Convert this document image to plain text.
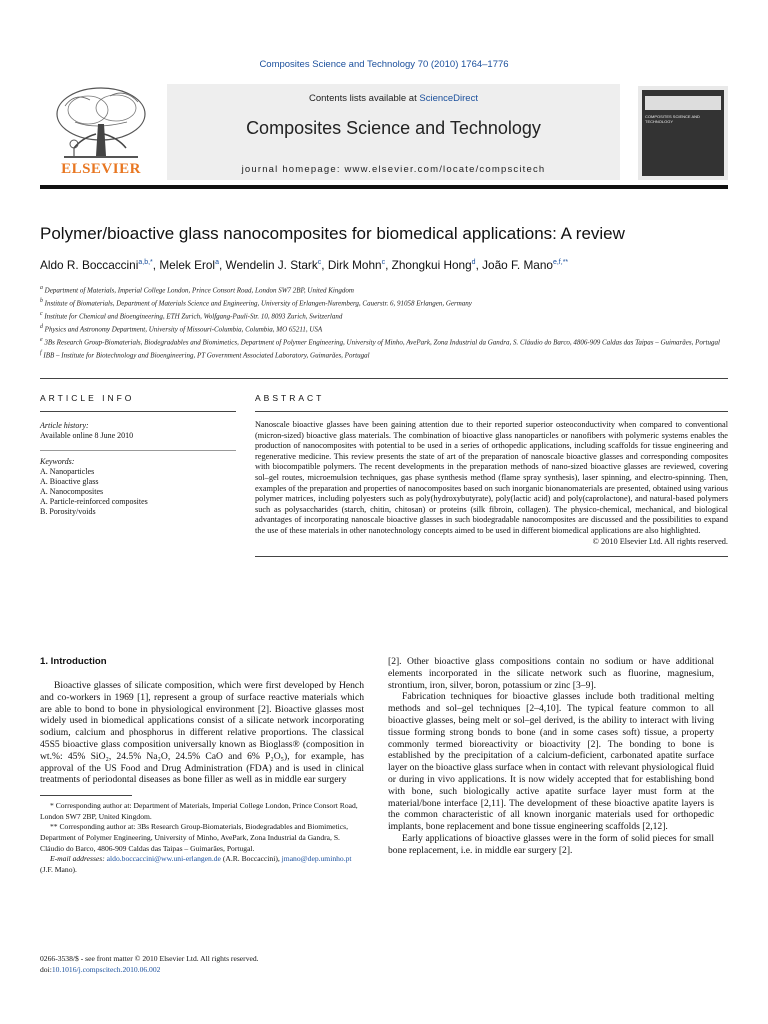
Composites Science and Technology 70 (2010) 1764–1776
ELSEVIER
Contents lists available at ScienceDirect
Composites Science and Technology
journal homepage: www.elsevier.com/locate/compscitech
COMPOSITES SCIENCE AND TECHNOLOGY
Polymer/bioactive glass nanocomposites for biomedical applications: A review
Aldo R. Boccaccini$^{a,b,*}$, Melek Erol$^a$, Wendelin J. Stark$^c$, Dirk Mohn$^c$, Zhongkui Hong$^d$, João F. Mano$^{e,f,**}$
$^a$ Department of Materials, Imperial College London, Prince Consort Road, London SW7 2BP, United Kingdom
$^b$ Institute of Biomaterials, Department of Materials Science and Engineering, University of Erlangen-Nuremberg, Cauerstr. 6, 91058 Erlangen, Germany
$^c$ Institute for Chemical and Bioengineering, ETH Zurich, Wolfgang-Pauli-Str. 10, 8093 Zurich, Switzerland
$^d$ Physics and Astronomy Department, University of Missouri-Columbia, Columbia, MO 65211, USA
$^e$ 3Bs Research Group-Biomaterials, Biodegradables and Biomimetics, Department of Polymer Engineering, University of Minho, AvePark, Zona Industrial da Gandra, S. Cláudio do Barco, 4806-909 Caldas das Taipas – Guimarães, Portugal
$^f$ IBB – Institute for Biotechnology and Bioengineering, PT Government Associated Laboratory, Guimarães, Portugal
ARTICLE INFO
Article history:
Available online 8 June 2010
Keywords:
A. Nanoparticles
A. Bioactive glass
A. Nanocomposites
A. Particle-reinforced composites
B. Porosity/voids
ABSTRACT
Nanoscale bioactive glasses have been gaining attention due to their reported superior osteoconductivity when compared to conventional (micron-sized) bioactive glass materials. The combination of bioactive glass nanoparticles or nanofibers with polymeric systems enables the production of nanocomposites with potential to be used in a series of orthopedic applications, including scaffolds for tissue engineering and regenerative medicine. This review presents the state of art of the preparation of nanoscale bioactive glasses and corresponding composites with biocompatible polymers. The recent developments in the preparation methods of nano-sized bioactive glasses are reviewed, covering sol–gel routes, microemulsion techniques, gas phase synthesis method (flame spray synthesis), laser spinning, and electro-spinning. Then, examples of the preparation and properties of nanocomposites based on such inorganic bionanomaterials are presented, obtained using various polymer matrices, including polyesters such as poly(hydroxybutyrate), poly(lactic acid) and poly(caprolactone), and natural-based polymers such as polysaccharides (starch, chitin, chitosan) or proteins (silk fibroin, collagen). The physico-chemical, mechanical, and biological advantages of incorporating nanoscale bioactive glasses in such biodegradable nanocomposites are discussed and the possibilities to expand the use of these materials in other nanotechnology concepts aimed to be used in different biomedical applications are also highlighted.
© 2010 Elsevier Ltd. All rights reserved.
1. Introduction

Bioactive glasses of silicate composition, which were first developed by Hench and co-workers in 1969 [1], represent a group of surface reactive materials which are able to bond to bone in physiological environment [2]. Bioactive glasses most widely used in biomedical applications consist of a silicate network incorporating sodium, calcium and phosphorus in different relative proportions. The classical 45S5 bioactive glass composition universally known as Bioglass® (composition in wt.%: 45% SiO₂, 24.5% Na₂O, 24.5% CaO and 6% P₂O₅), for example, has approval of the US Food and Drug Administration (FDA) and is used in clinical treatments of periodontal diseases as bone filler as well as in middle ear surgery

* Corresponding author at: Department of Materials, Imperial College London, Prince Consort Road, London SW7 2BP, United Kingdom.
** Corresponding author at: 3Bs Research Group-Biomaterials, Biodegradables and Biomimetics, Department of Polymer Engineering, University of Minho, AvePark, Zona Industrial da Gandra, S. Cláudio do Barco, 4806-909 Caldas das Taipas – Guimarães, Portugal.
E-mail addresses: aldo.boccaccini@ww.uni-erlangen.de (A.R. Boccaccini), jmano@dep.uminho.pt (J.F. Mano).

[2]. Other bioactive glass compositions contain no sodium or have additional elements incorporated in the silicate network such as fluorine, magnesium, strontium, iron, silver, boron, potassium or zinc [3–9].

Fabrication techniques for bioactive glasses include both traditional melting methods and sol–gel techniques [2–4,10]. The typical feature common to all bioactive glasses, being melt or sol–gel derived, is the ability to interact with living tissue forming strong bonds to bone (and in some cases soft) tissue, a property commonly termed bioreactivity or bioactivity [2]. The bonding to bone is established by the precipitation of a calcium-deficient, carbonated apatite surface layer on the bioactive glass surface when in contact with relevant physiological fluid or during in vivo applications. It is now widely accepted that for establishing bond with bone, such biologically active apatite surface layer must form at the material/bone interface [2,11]. The development of these bioactive apatite layers is the common characteristic of all known inorganic materials used for orthopedic implants, bone replacement and bone tissue engineering scaffolds [2,12].

Early applications of bioactive glasses were in the form of solid pieces for small bone replacement, i.e. in middle ear surgery [2].

0266-3538/$ - see front matter © 2010 Elsevier Ltd. All rights reserved.
doi:10.1016/j.compscitech.2010.06.002
